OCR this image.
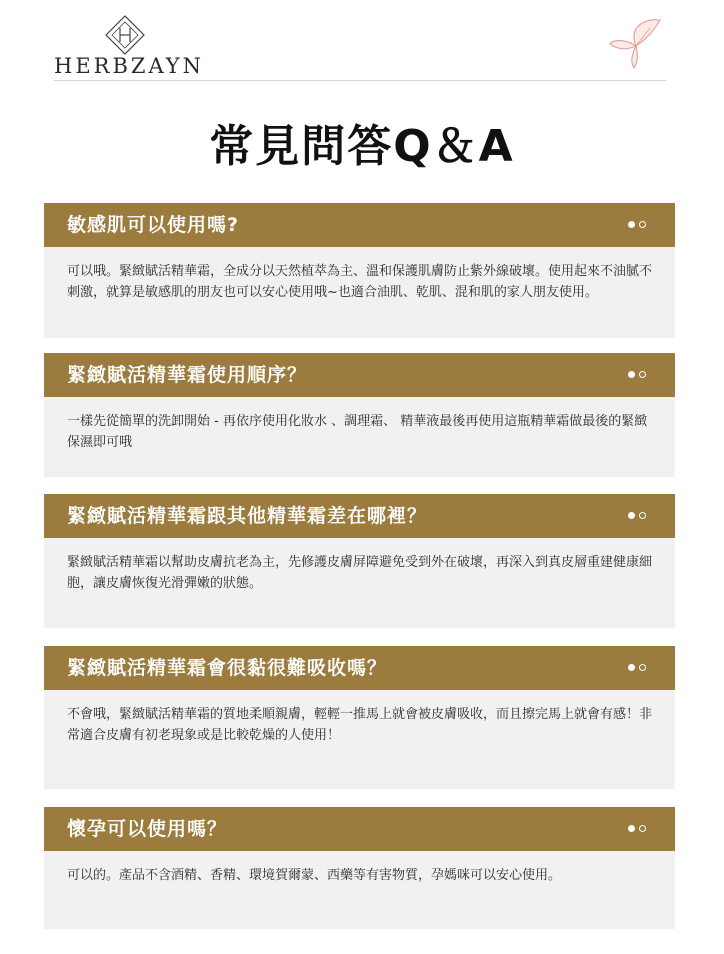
HERBZAYN
常見問答Q＆A
敏感肌可以使用嗎?
可以哦。緊緻賦活精華霜，全成分以天然植萃為主、溫和保護肌膚防止紫外線破壞。使用起來不油膩不刺激，就算是敏感肌的朋友也可以安心使用哦~也適合油肌、乾肌、混和肌的家人朋友使用。
緊緻賦活精華霜使用順序？
一樣先從簡單的洗卸開始 - 再依序使用化妝水 、調理霜、 精華液最後再使用這瓶精華霜做最後的緊緻保濕即可哦
緊緻賦活精華霜跟其他精華霜差在哪裡？
緊緻賦活精華霜以幫助皮膚抗老為主，先修護皮膚屏障避免受到外在破壞，再深入到真皮層重建健康細胞，讓皮膚恢復光滑彈嫩的狀態。
緊緻賦活精華霜會很黏很難吸收嗎？
不會哦，緊緻賦活精華霜的質地柔順親膚，輕輕一推馬上就會被皮膚吸收，而且擦完馬上就會有感！非常適合皮膚有初老現象或是比較乾燥的人使用！
懷孕可以使用嗎？
可以的。產品不含酒精、香精、環境賀爾蒙、西藥等有害物質，孕媽咪可以安心使用。
